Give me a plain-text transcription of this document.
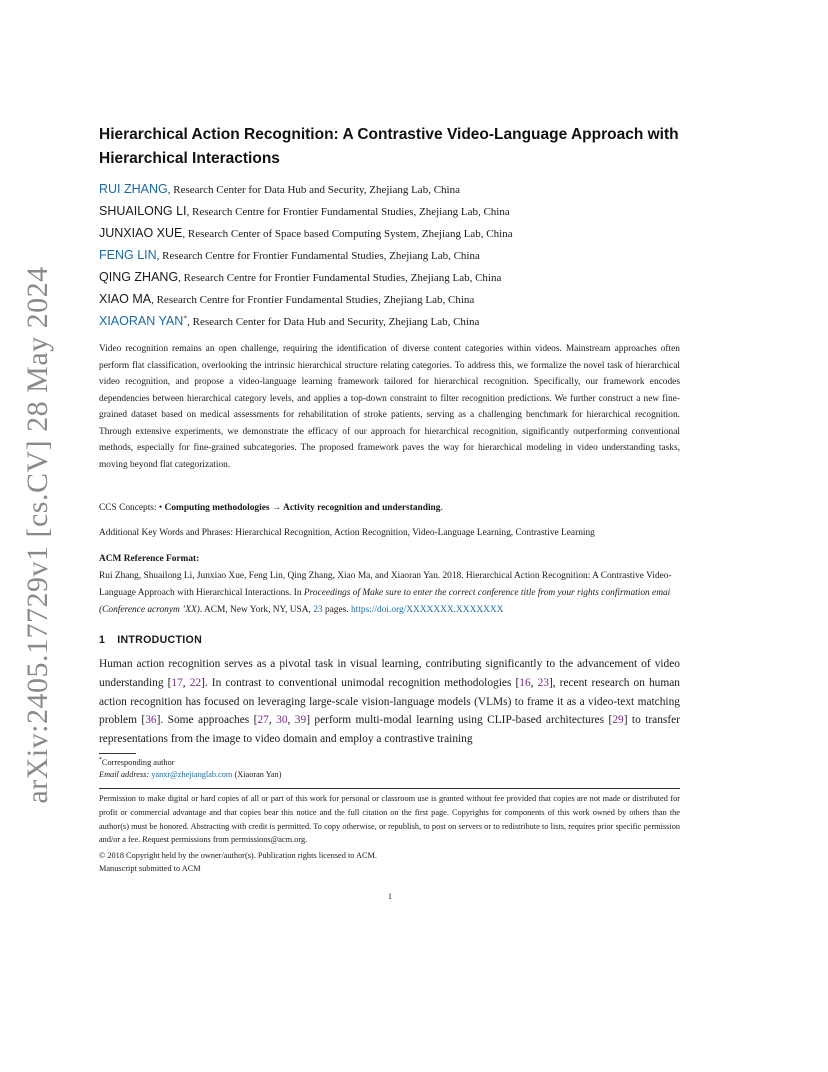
arXiv:2405.17729v1 [cs.CV] 28 May 2024
Hierarchical Action Recognition: A Contrastive Video-Language Approach with Hierarchical Interactions
RUI ZHANG, Research Center for Data Hub and Security, Zhejiang Lab, China
SHUAILONG LI, Research Centre for Frontier Fundamental Studies, Zhejiang Lab, China
JUNXIAO XUE, Research Center of Space based Computing System, Zhejiang Lab, China
FENG LIN, Research Centre for Frontier Fundamental Studies, Zhejiang Lab, China
QING ZHANG, Research Centre for Frontier Fundamental Studies, Zhejiang Lab, China
XIAO MA, Research Centre for Frontier Fundamental Studies, Zhejiang Lab, China
XIAORAN YAN*, Research Center for Data Hub and Security, Zhejiang Lab, China
Video recognition remains an open challenge, requiring the identification of diverse content categories within videos. Mainstream approaches often perform flat classification, overlooking the intrinsic hierarchical structure relating categories. To address this, we formalize the novel task of hierarchical video recognition, and propose a video-language learning framework tailored for hierarchical recognition. Specifically, our framework encodes dependencies between hierarchical category levels, and applies a top-down constraint to filter recognition predictions. We further construct a new fine-grained dataset based on medical assessments for rehabilitation of stroke patients, serving as a challenging benchmark for hierarchical recognition. Through extensive experiments, we demonstrate the efficacy of our approach for hierarchical recognition, significantly outperforming conventional methods, especially for fine-grained subcategories. The proposed framework paves the way for hierarchical modeling in video understanding tasks, moving beyond flat categorization.
CCS Concepts: • Computing methodologies → Activity recognition and understanding.
Additional Key Words and Phrases: Hierarchical Recognition, Action Recognition, Video-Language Learning, Contrastive Learning
ACM Reference Format:
Rui Zhang, Shuailong Li, Junxiao Xue, Feng Lin, Qing Zhang, Xiao Ma, and Xiaoran Yan. 2018. Hierarchical Action Recognition: A Contrastive Video-Language Approach with Hierarchical Interactions. In Proceedings of Make sure to enter the correct conference title from your rights confirmation emai (Conference acronym ’XX). ACM, New York, NY, USA, 23 pages. https://doi.org/XXXXXXX.XXXXXXX
1 INTRODUCTION
Human action recognition serves as a pivotal task in visual learning, contributing significantly to the advancement of video understanding [17, 22]. In contrast to conventional unimodal recognition methodologies [16, 23], recent research on human action recognition has focused on leveraging large-scale vision-language models (VLMs) to frame it as a video-text matching problem [36]. Some approaches [27, 30, 39] perform multi-modal learning using CLIP-based architectures [29] to transfer representations from the image to video domain and employ a contrastive training
*Corresponding author
Email address: yanxr@zhejianglab.com (Xiaoran Yan)
Permission to make digital or hard copies of all or part of this work for personal or classroom use is granted without fee provided that copies are not made or distributed for profit or commercial advantage and that copies bear this notice and the full citation on the first page. Copyrights for components of this work owned by others than the author(s) must be honored. Abstracting with credit is permitted. To copy otherwise, or republish, to post on servers or to redistribute to lists, requires prior specific permission and/or a fee. Request permissions from permissions@acm.org.
© 2018 Copyright held by the owner/author(s). Publication rights licensed to ACM.
Manuscript submitted to ACM
1
